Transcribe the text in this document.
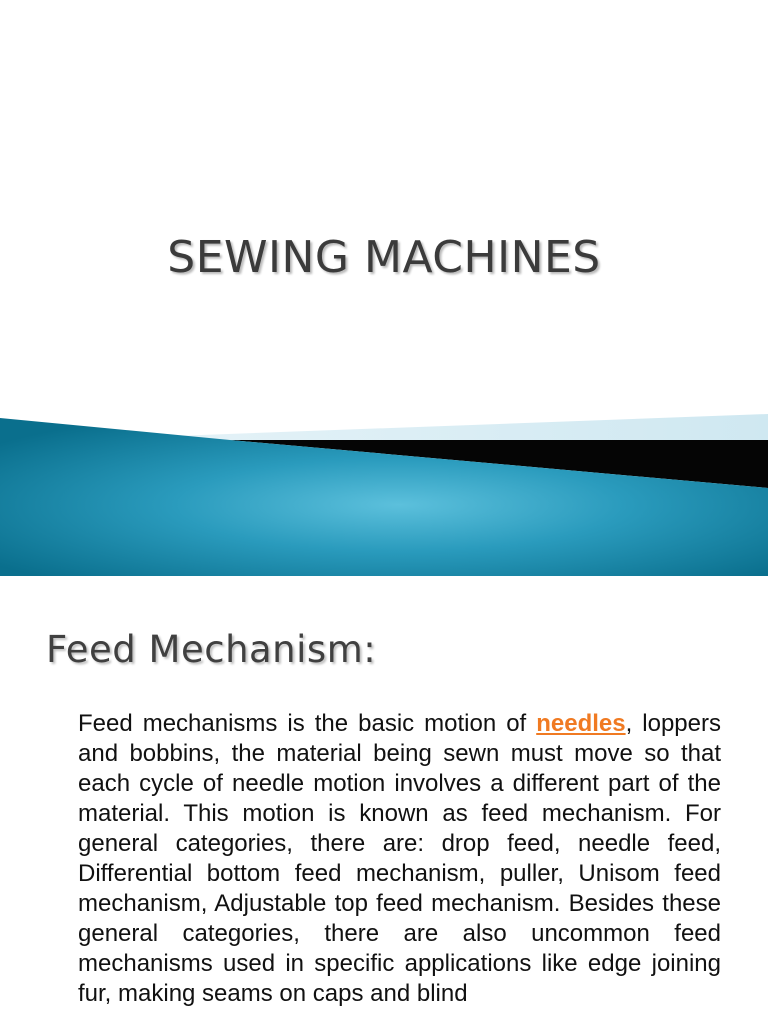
SEWING MACHINES
Feed Mechanism:

Feed mechanisms is the basic motion of needles, loppers and bobbins, the material being sewn must move so that each cycle of needle motion involves a different part of the material. This motion is known as feed mechanism. For general categories, there are: drop feed, needle feed, Differential bottom feed mechanism, puller, Unisom feed mechanism, Adjustable top feed mechanism. Besides these general categories, there are also uncommon feed mechanisms used in specific applications like edge joining fur, making seams on caps and blind
